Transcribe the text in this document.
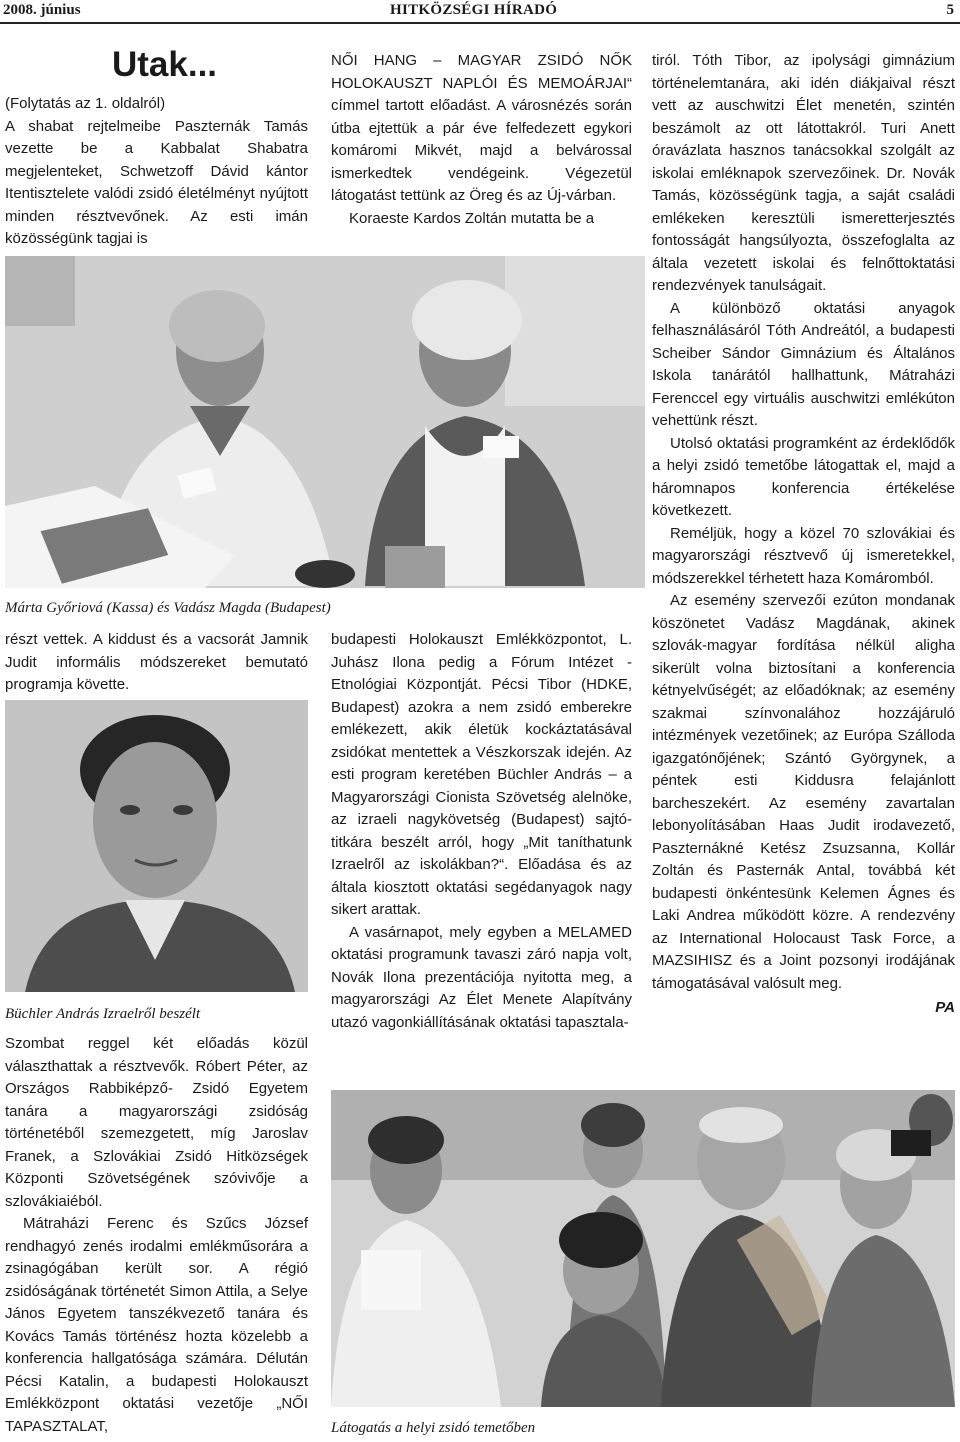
2008. június	HITKÖZSÉGI HÍRADÓ	5
Utak...

(Folytatás az 1. oldalról)

A shabat rejtelmeibe Paszternák Tamás vezette be a Kabbalat Shabatra megjelenteket, Schwetzoff Dávid kántor Itentisztelete valódi zsidó életélményt nyújtott minden résztvevőnek. Az esti imán közösségünk tagjai is

NŐI HANG – MAGYAR ZSIDÓ NŐK HOLOKAUSZT NAPLÓI ÉS MEMOÁRJAI“ címmel tartott előadást. A városnézés során útba ejtettük a pár éve felfedezett egykori komáromi Mikvét, majd a belvárossal ismerkedtek vendégeink. Végezetül látogatást tettünk az Öreg és az Új-várban.

Koraeste Kardos Zoltán mutatta be a

tiról. Tóth Tibor, az ipolysági gimnázium történelemtanára, aki idén diákjaival részt vett az auschwitzi Élet menetén, szintén beszámolt az ott látottakról. Turi Anett óravázlata hasznos tanácsokkal szolgált az iskolai emléknapok szervezőinek. Dr. Novák Tamás, közösségünk tagja, a saját családi emlékeken keresztüli ismeretterjesztés fontosságát hangsúlyozta, összefoglalta az általa vezetett iskolai és felnőttoktatási rendezvények tanulságait.

A különböző oktatási anyagok felhasználásáról Tóth Andreától, a budapesti Scheiber Sándor Gimnázium és Általános Iskola tanárától hallhattunk, Mátraházi Ferenccel egy virtuális auschwitzi emlékúton vehettünk részt.

Utolsó oktatási programként az érdeklődők a helyi zsidó temetőbe látogattak el, majd a háromnapos konferencia értékelése következett.

Reméljük, hogy a közel 70 szlovákiai és magyarországi résztvevő új ismeretekkel, módszerekkel térhetett haza Komáromból.

Az esemény szervezői ezúton mondanak köszönetet Vadász Magdának, akinek szlovák-magyar fordítása nélkül aligha sikerült volna biztosítani a konferencia kétnyelvűségét; az előadóknak; az esemény szakmai színvonalához hozzájáruló intézmények vezetőinek; az Európa Szálloda igazgatónőjének; Szántó Györgynek, a péntek esti Kiddusra felajánlott barcheszekért. Az esemény zavartalan lebonyolításában Haas Judit irodavezető, Paszternákné Ketész Zsuzsanna, Kollár Zoltán és Pasternák Antal, továbbá két budapesti önkéntesünk Kelemen Ágnes és Laki Andrea működött közre. A rendezvény az International Holocaust Task Force, a MAZSIHISZ és a Joint pozsonyi irodájának támogatásával valósult meg.

PA

Márta Győriová (Kassa) és Vadász Magda (Budapest)

részt vettek. A kiddust és a vacsorát Jamnik Judit informális módszereket bemutató programja követte.

budapesti Holokauszt Emlékközpontot, L. Juhász Ilona pedig a Fórum Intézet - Etnológiai Központját. Pécsi Tibor (HDKE, Budapest) azokra a nem zsidó emberekre emlékezett, akik életük kockáztatásával zsidókat mentettek a Vészkorszak idején. Az esti program keretében Büchler András – a Magyarországi Cionista Szövetség alelnöke, az izraeli nagykövetség (Budapest) sajtótitkára beszélt arról, hogy „Mit taníthatunk Izraelről az iskolákban?“. Előadása és az általa kiosztott oktatási segédanyagok nagy sikert arattak.

A vasárnapot, mely egyben a MELAMED oktatási programunk tavaszi záró napja volt, Novák Ilona prezentációja nyitotta meg, a magyarországi Az Élet Menete Alapítvány utazó vagonkiállításának oktatási tapasztala-

Büchler András Izraelről beszélt

Szombat reggel két előadás közül választhattak a résztvevők. Róbert Péter, az Országos Rabbiképző- Zsidó Egyetem tanára a magyarországi zsidóság történetéből szemezgetett, míg Jaroslav Franek, a Szlovákiai Zsidó Hitközségek Központi Szövetségének szóvivője a szlovákiaiéból.

Mátraházi Ferenc és Szűcs József rendhagyó zenés irodalmi emlékműsorára a zsinagógában került sor. A régió zsidóságának történetét Simon Attila, a Selye János Egyetem tanszékvezető tanára és Kovács Tamás történész hozta közelebb a konferencia hallgatósága számára. Délután Pécsi Katalin, a budapesti Holokauszt Emlékközpont oktatási vezetője „NŐI TAPASZTALAT,	Látogatás a helyi zsidó temetőben
